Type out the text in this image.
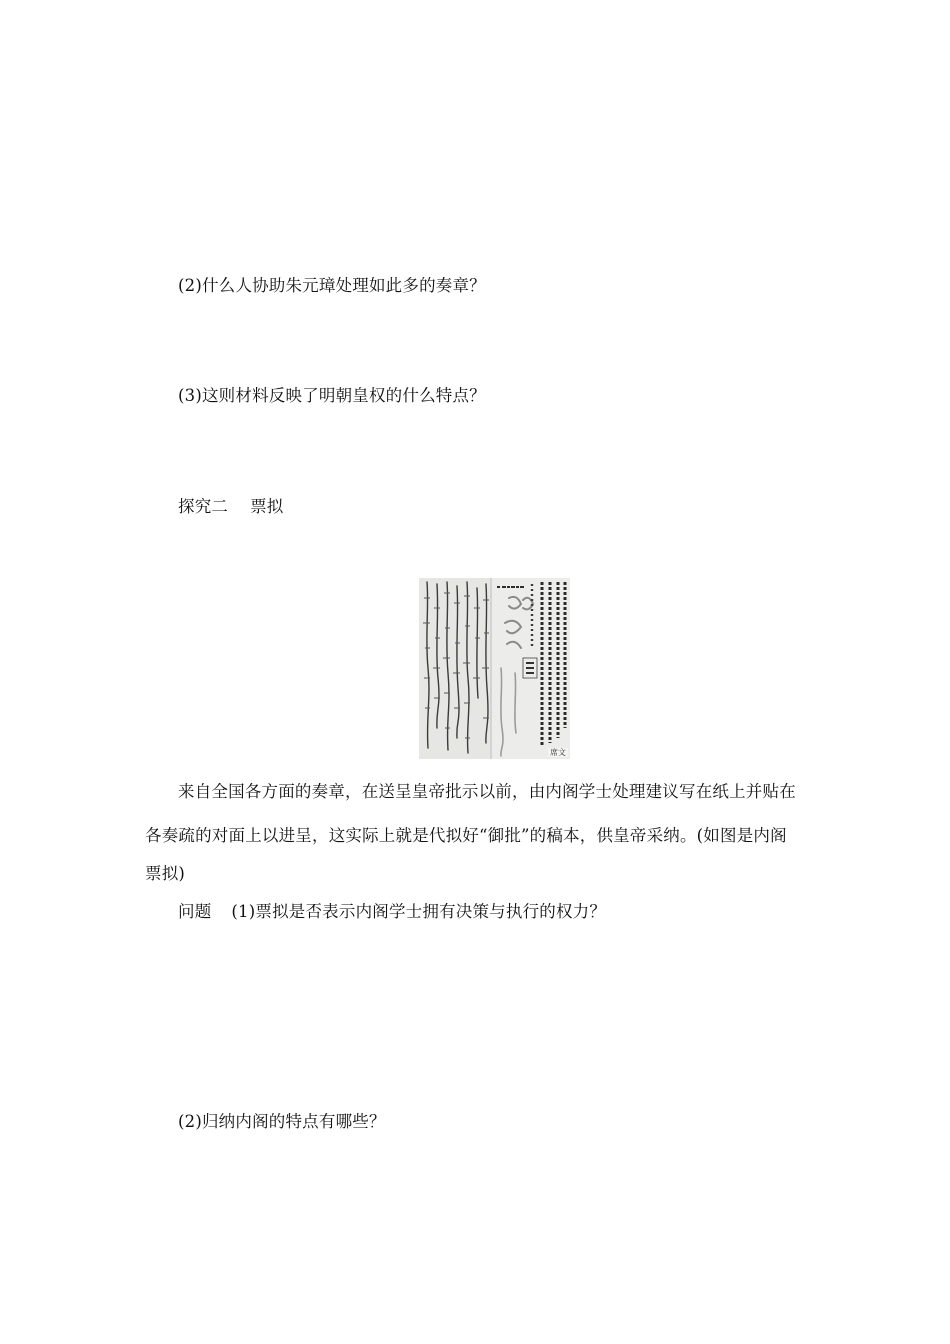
(2)什么人协助朱元璋处理如此多的奏章？
(3)这则材料反映了明朝皇权的什么特点？
探究二 票拟
席文
来自全国各方面的奏章，在送呈皇帝批示以前，由内阁学士处理建议写在纸上并贴在
各奏疏的对面上以进呈，这实际上就是代拟好“御批”的稿本，供皇帝采纳。(如图是内阁
票拟)
问题 (1)票拟是否表示内阁学士拥有决策与执行的权力？
(2)归纳内阁的特点有哪些？
